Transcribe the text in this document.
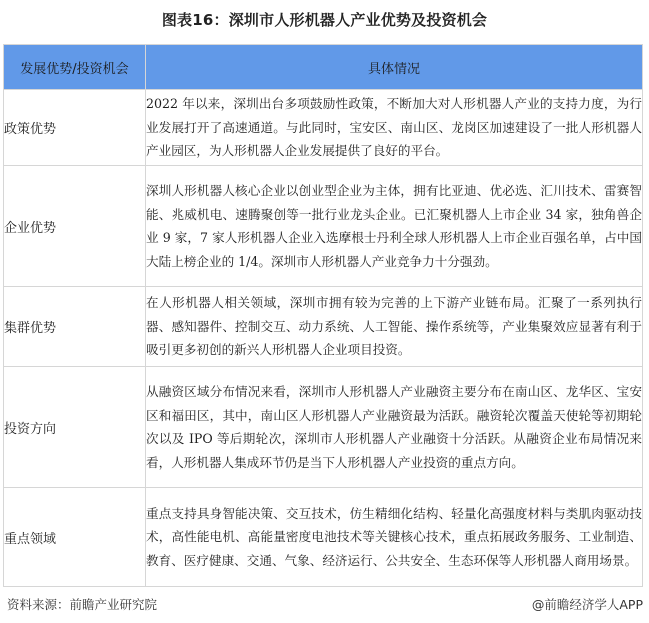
图表16：深圳市人形机器人产业优势及投资机会
发展优势/投资机会	具体情况
政策优势	2022 年以来，深圳出台多项鼓励性政策，不断加大对人形机器人产业的支持力度，为行业发展打开了高速通道。与此同时，宝安区、南山区、龙岗区加速建设了一批人形机器人产业园区，为人形机器人企业发展提供了良好的平台。
企业优势	深圳人形机器人核心企业以创业型企业为主体，拥有比亚迪、优必选、汇川技术、雷赛智能、兆威机电、速腾聚创等一批行业龙头企业。已汇聚机器人上市企业 34 家，独角兽企业 9 家，7 家人形机器人企业入选摩根士丹利全球人形机器人上市企业百强名单，占中国大陆上榜企业的 1/4。深圳市人形机器人产业竞争力十分强劲。
集群优势	在人形机器人相关领域，深圳市拥有较为完善的上下游产业链布局。汇聚了一系列执行器、感知器件、控制交互、动力系统、人工智能、操作系统等，产业集聚效应显著有利于吸引更多初创的新兴人形机器人企业项目投资。
投资方向	从融资区域分布情况来看，深圳市人形机器人产业融资主要分布在南山区、龙华区、宝安区和福田区，其中，南山区人形机器人产业融资最为活跃。融资轮次覆盖天使轮等初期轮次以及 IPO 等后期轮次，深圳市人形机器人产业融资十分活跃。从融资企业布局情况来看，人形机器人集成环节仍是当下人形机器人产业投资的重点方向。
重点领域	重点支持具身智能决策、交互技术，仿生精细化结构、轻量化高强度材料与类肌肉驱动技术，高性能电机、高能量密度电池技术等关键核心技术，重点拓展政务服务、工业制造、教育、医疗健康、交通、气象、经济运行、公共安全、生态环保等人形机器人商用场景。
资料来源：前瞻产业研究院	@前瞻经济学人APP
